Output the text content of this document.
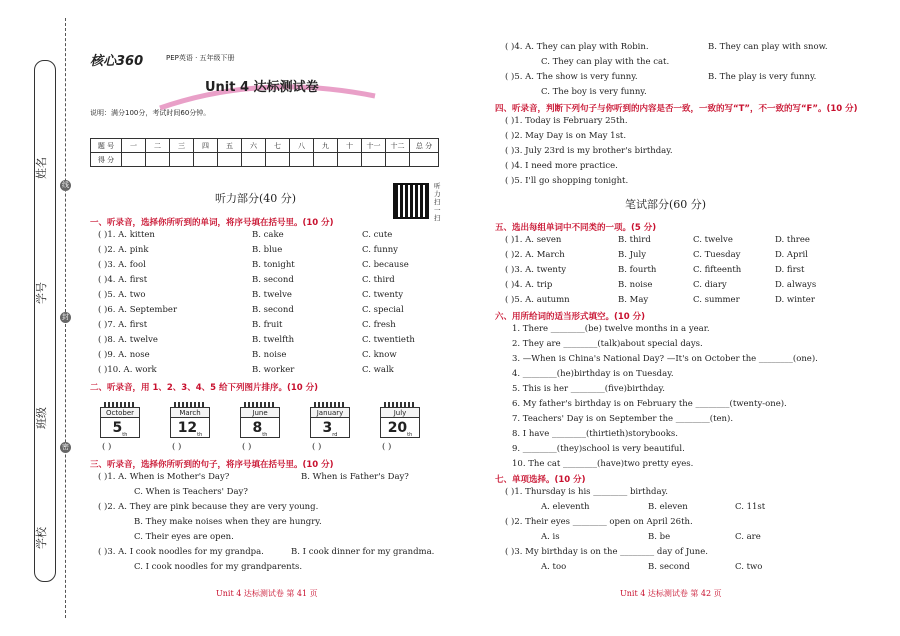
姓名
学号
班级
学校
线
封
密
核心360	PEP英语 · 五年级下册
Unit 4 达标测试卷
说明：满分100分，考试时间60分钟。
题 号	一	二	三	四	五	六	七	八	九	十	十一	十二	总 分
得 分													
听力部分(40 分)
听力扫一扫
一、听录音，选择你所听到的单词，将序号填在括号里。(10 分)
( )1. A. kitten	B. cake	C. cute
( )2. A. pink	B. blue	C. funny
( )3. A. fool	B. tonight	C. because
( )4. A. first	B. second	C. third
( )5. A. two	B. twelve	C. twenty
( )6. A. September	B. second	C. special
( )7. A. first	B. fruit	C. fresh
( )8. A. twelve	B. twelfth	C. twentieth
( )9. A. nose	B. noise	C. know
( )10. A. work	B. worker	C. walk
二、听录音，用 1、2、3、4、5 给下列图片排序。(10 分)
October
$5_{th}$
( )
March
$12_{th}$
( )
June
$8_{th}$
( )
January
$3_{rd}$
( )
July
$20_{th}$
( )
三、听录音，选择你所听到的句子，将序号填在括号里。(10 分)
( )1. A. When is Mother's Day?	B. When is Father's Day?
C. When is Teachers' Day?
( )2. A. They are pink because they are very young.
B. They make noises when they are hungry.
C. Their eyes are open.
( )3. A. I cook noodles for my grandpa.	B. I cook dinner for my grandma.
C. I cook noodles for my grandparents.
Unit 4 达标测试卷 第 41 页
( )4. A. They can play with Robin.	B. They can play with snow.
C. They can play with the cat.
( )5. A. The show is very funny.	B. The play is very funny.
C. The boy is very funny.
四、听录音，判断下列句子与你听到的内容是否一致，一致的写“T”，不一致的写“F”。(10 分)
( )1. Today is February 25th.
( )2. May Day is on May 1st.
( )3. July 23rd is my brother's birthday.
( )4. I need more practice.
( )5. I'll go shopping tonight.
笔试部分(60 分)
五、选出每组单词中不同类的一项。(5 分)
( )1. A. seven	B. third	C. twelve	D. three
( )2. A. March	B. July	C. Tuesday	D. April
( )3. A. twenty	B. fourth	C. fifteenth	D. first
( )4. A. trip	B. noise	C. diary	D. always
( )5. A. autumn	B. May	C. summer	D. winter
六、用所给词的适当形式填空。(10 分)
1. There ________(be) twelve months in a year.
2. They are ________(talk)about special days.
3. —When is China's National Day? —It's on October the ________(one).
4. ________(he)birthday is on Tuesday.
5. This is her ________(five)birthday.
6. My father's birthday is on February the ________(twenty-one).
7. Teachers' Day is on September the ________(ten).
8. I have ________(thirtieth)storybooks.
9. ________(they)school is very beautiful.
10. The cat ________(have)two pretty eyes.
七、单项选择。(10 分)
( )1. Thursday is his ________ birthday.
A. eleventh	B. eleven	C. 11st
( )2. Their eyes ________ open on April 26th.
A. is	B. be	C. are
( )3. My birthday is on the ________ day of June.
A. too	B. second	C. two
Unit 4 达标测试卷 第 42 页
